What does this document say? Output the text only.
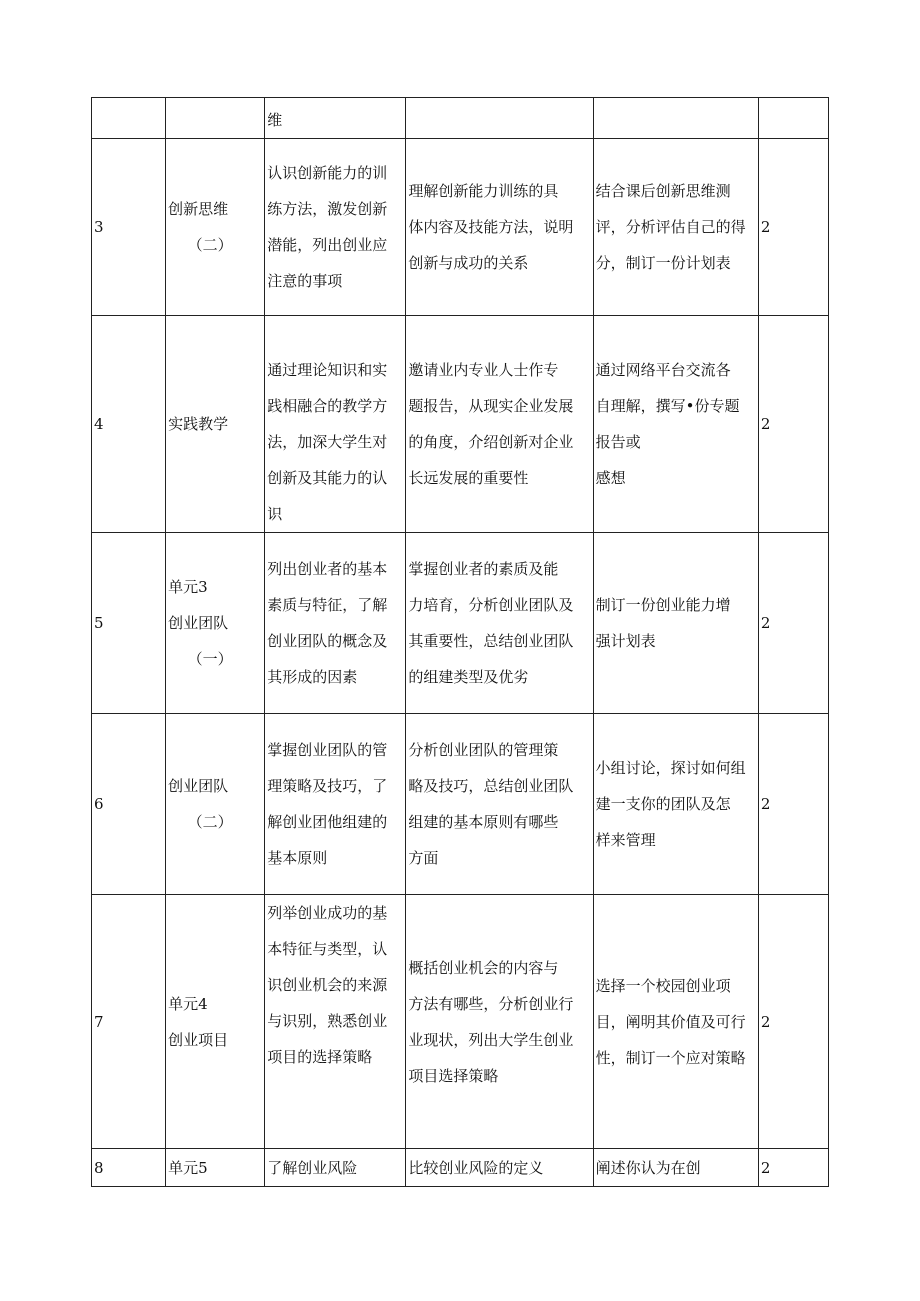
		维			

3	创新思维
（二）	认识创新能力的训
练方法，激发创新
潜能，列出创业应
注意的事项	理解创新能力训练的具
体内容及技能方法，说明
创新与成功的关系	结合课后创新思维测
评，分析评估自己的得
分，制订一份计划表	2
4	实践教学	通过理论知识和实
践相融合的教学方
法，加深大学生对
创新及其能力的认
识	邀请业内专业人士作专
题报告，从现实企业发展
的角度，介绍创新对企业
长远发展的重要性	通过网络平台交流各
自理解，撰写•份专题
报告或
感想	2
5	单元3
创业团队
（一）	列出创业者的基本
素质与特征，了解
创业团队的概念及
其形成的因素	掌握创业者的素质及能
力培育，分析创业团队及
其重要性，总结创业团队
的组建类型及优劣	制订一份创业能力增
强计划表	2
6	创业团队
（二）	掌握创业团队的管
理策略及技巧，了
解创业团他组建的
基本原则	分析创业团队的管理策
略及技巧，总结创业团队
组建的基本原则有哪些
方面	小组讨论，探讨如何组
建一支你的团队及怎
样来管理	2
7	单元4
创业项目	列举创业成功的基
本特征与类型，认
识创业机会的来源
与识别，熟悉创业
项目的选择策略	概括创业机会的内容与
方法有哪些，分析创业行
业现状，列出大学生创业
项目选择策略	选择一个校园创业项
目，阐明其价值及可行
性，制订一个应对策略	2
8	单元5	了解创业风险	比较创业风险的定义	阐述你认为在创	2
